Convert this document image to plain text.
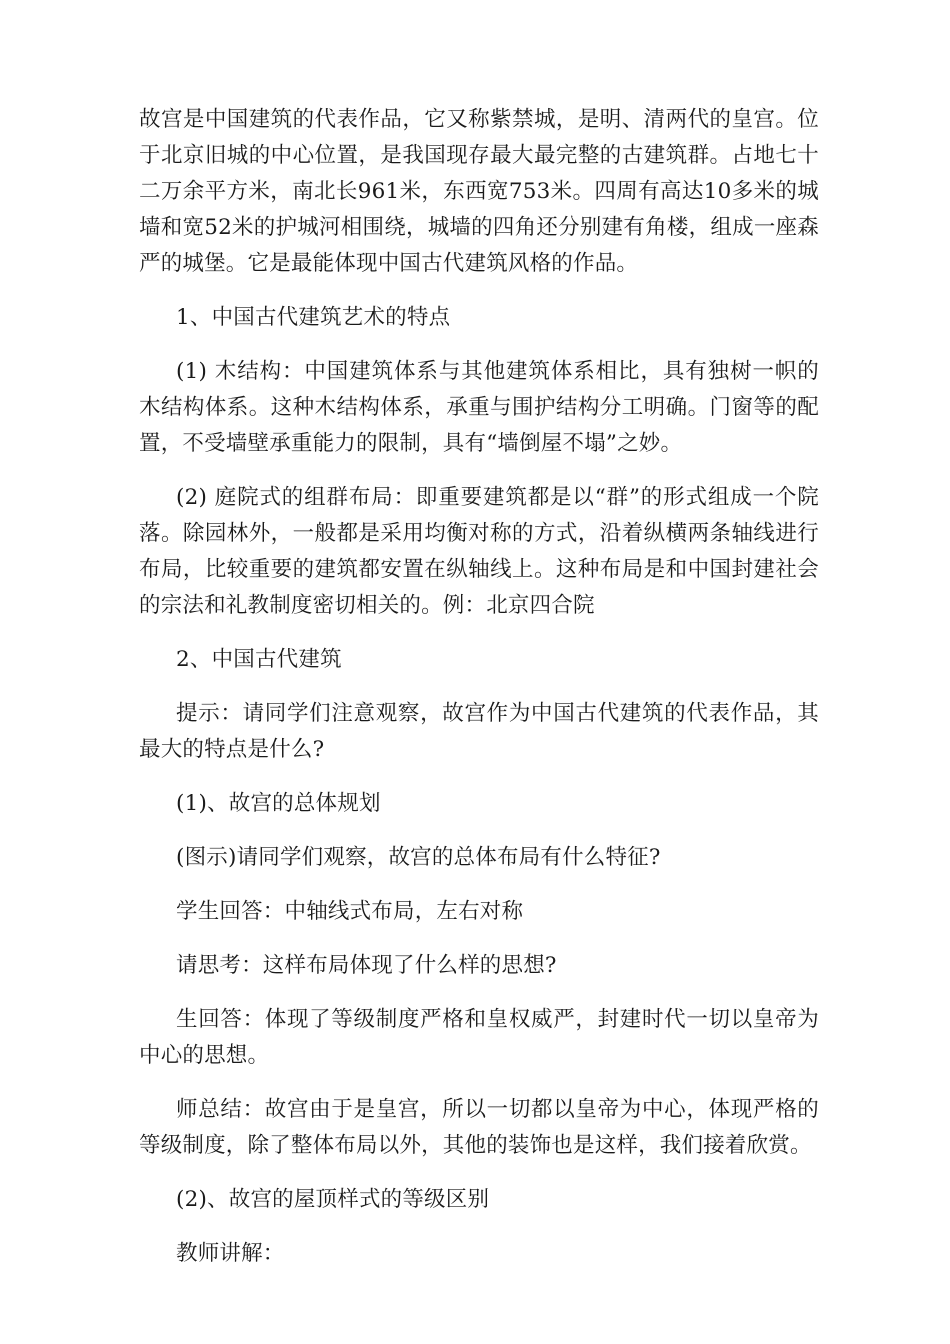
故宫是中国建筑的代表作品，它又称紫禁城，是明、清两代的皇宫。位于北京旧城的中心位置，是我国现存最大最完整的古建筑群。占地七十二万余平方米，南北长961米，东西宽753米。四周有高达10多米的城墙和宽52米的护城河相围绕，城墙的四角还分别建有角楼，组成一座森严的城堡。它是最能体现中国古代建筑风格的作品。

1、中国古代建筑艺术的特点

(1) 木结构：中国建筑体系与其他建筑体系相比，具有独树一帜的木结构体系。这种木结构体系，承重与围护结构分工明确。门窗等的配置，不受墙壁承重能力的限制，具有“墙倒屋不塌”之妙。

(2) 庭院式的组群布局：即重要建筑都是以“群”的形式组成一个院落。除园林外，一般都是采用均衡对称的方式，沿着纵横两条轴线进行布局，比较重要的建筑都安置在纵轴线上。这种布局是和中国封建社会的宗法和礼教制度密切相关的。例：北京四合院

2、中国古代建筑

提示：请同学们注意观察，故宫作为中国古代建筑的代表作品，其最大的特点是什么?

(1)、故宫的总体规划

(图示)请同学们观察，故宫的总体布局有什么特征?

学生回答：中轴线式布局，左右对称

请思考：这样布局体现了什么样的思想?

生回答：体现了等级制度严格和皇权威严，封建时代一切以皇帝为中心的思想。

师总结：故宫由于是皇宫，所以一切都以皇帝为中心，体现严格的等级制度，除了整体布局以外，其他的装饰也是这样，我们接着欣赏。

(2)、故宫的屋顶样式的等级区别

教师讲解：
